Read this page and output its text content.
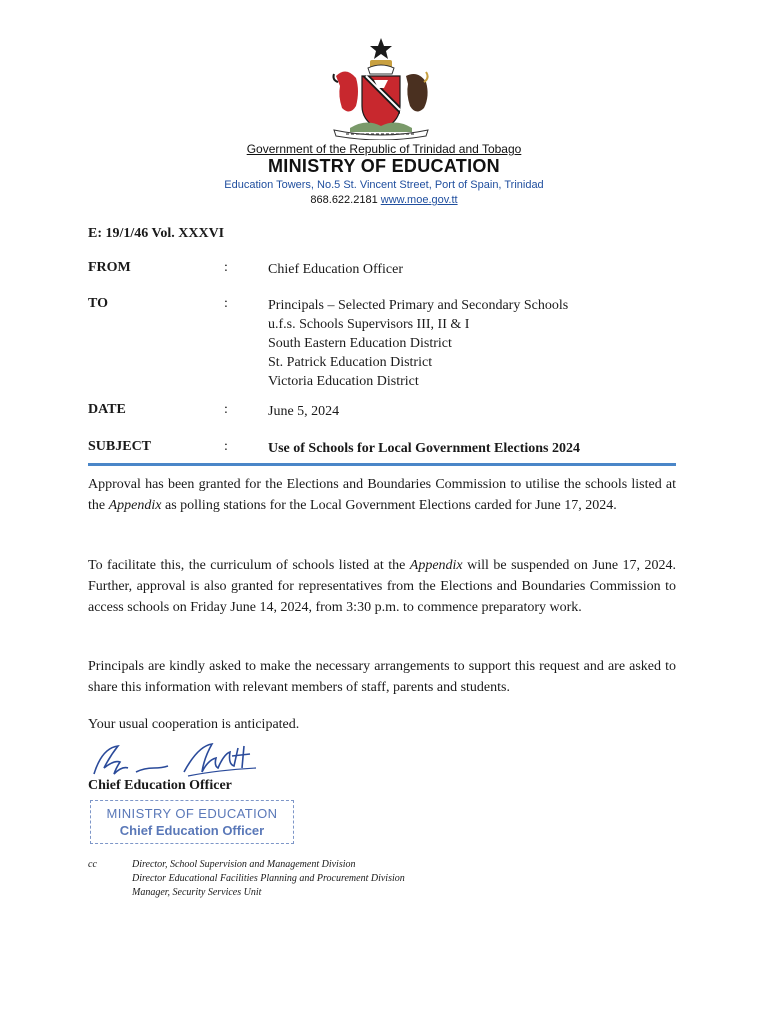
Government of the Republic of Trinidad and Tobago
MINISTRY OF EDUCATION
Education Towers, No.5 St. Vincent Street, Port of Spain, Trinidad
868.622.2181 www.moe.gov.tt
E: 19/1/46 Vol. XXXVI
FROM	:	Chief Education Officer
TO	:	Principals – Selected Primary and Secondary Schools
u.f.s. Schools Supervisors III, II & I
South Eastern Education District
St. Patrick Education District
Victoria Education District
DATE	:	June 5, 2024
SUBJECT	:	Use of Schools for Local Government Elections 2024
Approval has been granted for the Elections and Boundaries Commission to utilise the schools listed at the Appendix as polling stations for the Local Government Elections carded for June 17, 2024.
To facilitate this, the curriculum of schools listed at the Appendix will be suspended on June 17, 2024. Further, approval is also granted for representatives from the Elections and Boundaries Commission to access schools on Friday June 14, 2024, from 3:30 p.m. to commence preparatory work.
Principals are kindly asked to make the necessary arrangements to support this request and are asked to share this information with relevant members of staff, parents and students.
Your usual cooperation is anticipated.
Chief Education Officer
MINISTRY OF EDUCATION
Chief Education Officer
cc	Director, School Supervision and Management Division
Director Educational Facilities Planning and Procurement Division
Manager, Security Services Unit
